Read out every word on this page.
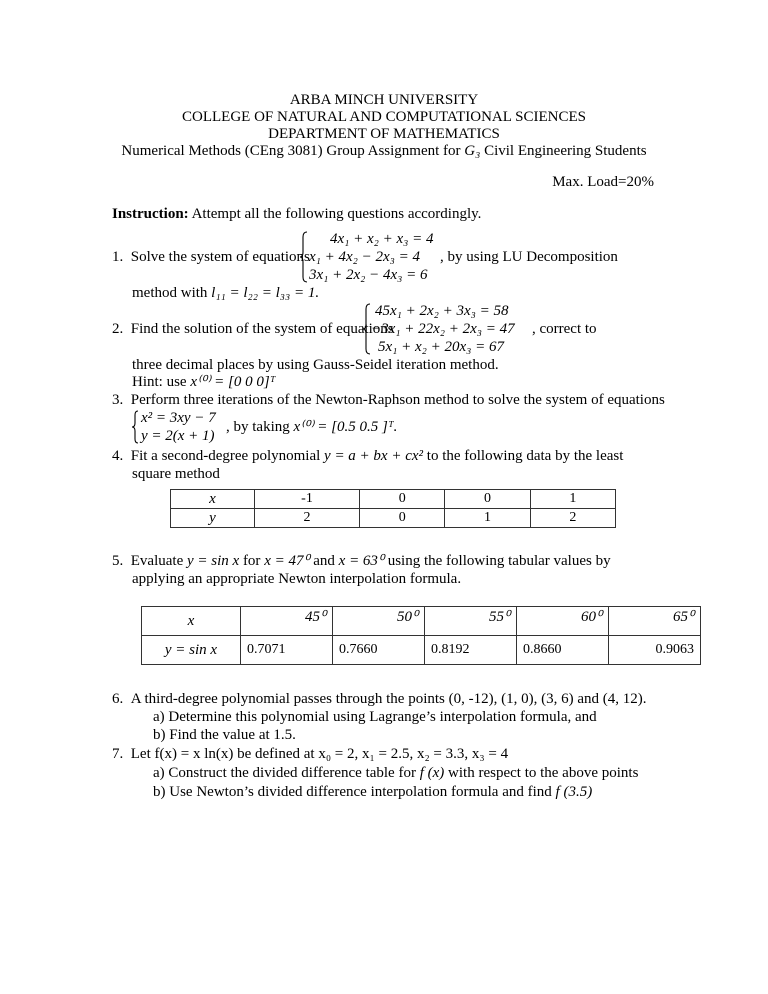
ARBA MINCH UNIVERSITY
COLLEGE OF NATURAL AND COMPUTATIONAL SCIENCES
DEPARTMENT OF MATHEMATICS
Numerical Methods (CEng 3081) Group Assignment for G₃ Civil Engineering Students
Max. Load=20%
Instruction: Attempt all the following questions accordingly.
1. Solve the system of equations
4x₁ + x₂ + x₃ = 4
x₁ + 4x₂ − 2x₃ = 4
3x₁ + 2x₂ − 4x₃ = 6
, by using LU Decomposition
method with l₁₁ = l₂₂ = l₃₃ = 1.
2. Find the solution of the system of equations
45x₁ + 2x₂ + 3x₃ = 58
−3x₁ + 22x₂ + 2x₃ = 47
5x₁ + x₂ + 20x₃ = 67
, correct to
three decimal places by using Gauss-Seidel iteration method.
Hint: use x⁽⁰⁾ = [0 0 0]ᵀ
3. Perform three iterations of the Newton-Raphson method to solve the system of equations
x² = 3xy − 7
y = 2(x + 1)
, by taking x⁽⁰⁾ = [0.5 0.5 ]ᵀ.
4. Fit a second-degree polynomial y = a + bx + cx² to the following data by the least
square method
x	-1	0	0	1
y	2	0	1	2
5. Evaluate y = sin x for x = 47⁰ and x = 63⁰ using the following tabular values by
applying an appropriate Newton interpolation formula.
x	45⁰	50⁰	55⁰	60⁰	65⁰
y = sin x	0.7071	0.7660	0.8192	0.8660	0.9063
6. A third-degree polynomial passes through the points (0, -12), (1, 0), (3, 6) and (4, 12).
a) Determine this polynomial using Lagrange’s interpolation formula, and
b) Find the value at 1.5.
7. Let f(x) = x ln(x) be defined at x₀ = 2, x₁ = 2.5, x₂ = 3.3, x₃ = 4
a) Construct the divided difference table for f (x) with respect to the above points
b) Use Newton’s divided difference interpolation formula and find f (3.5)
